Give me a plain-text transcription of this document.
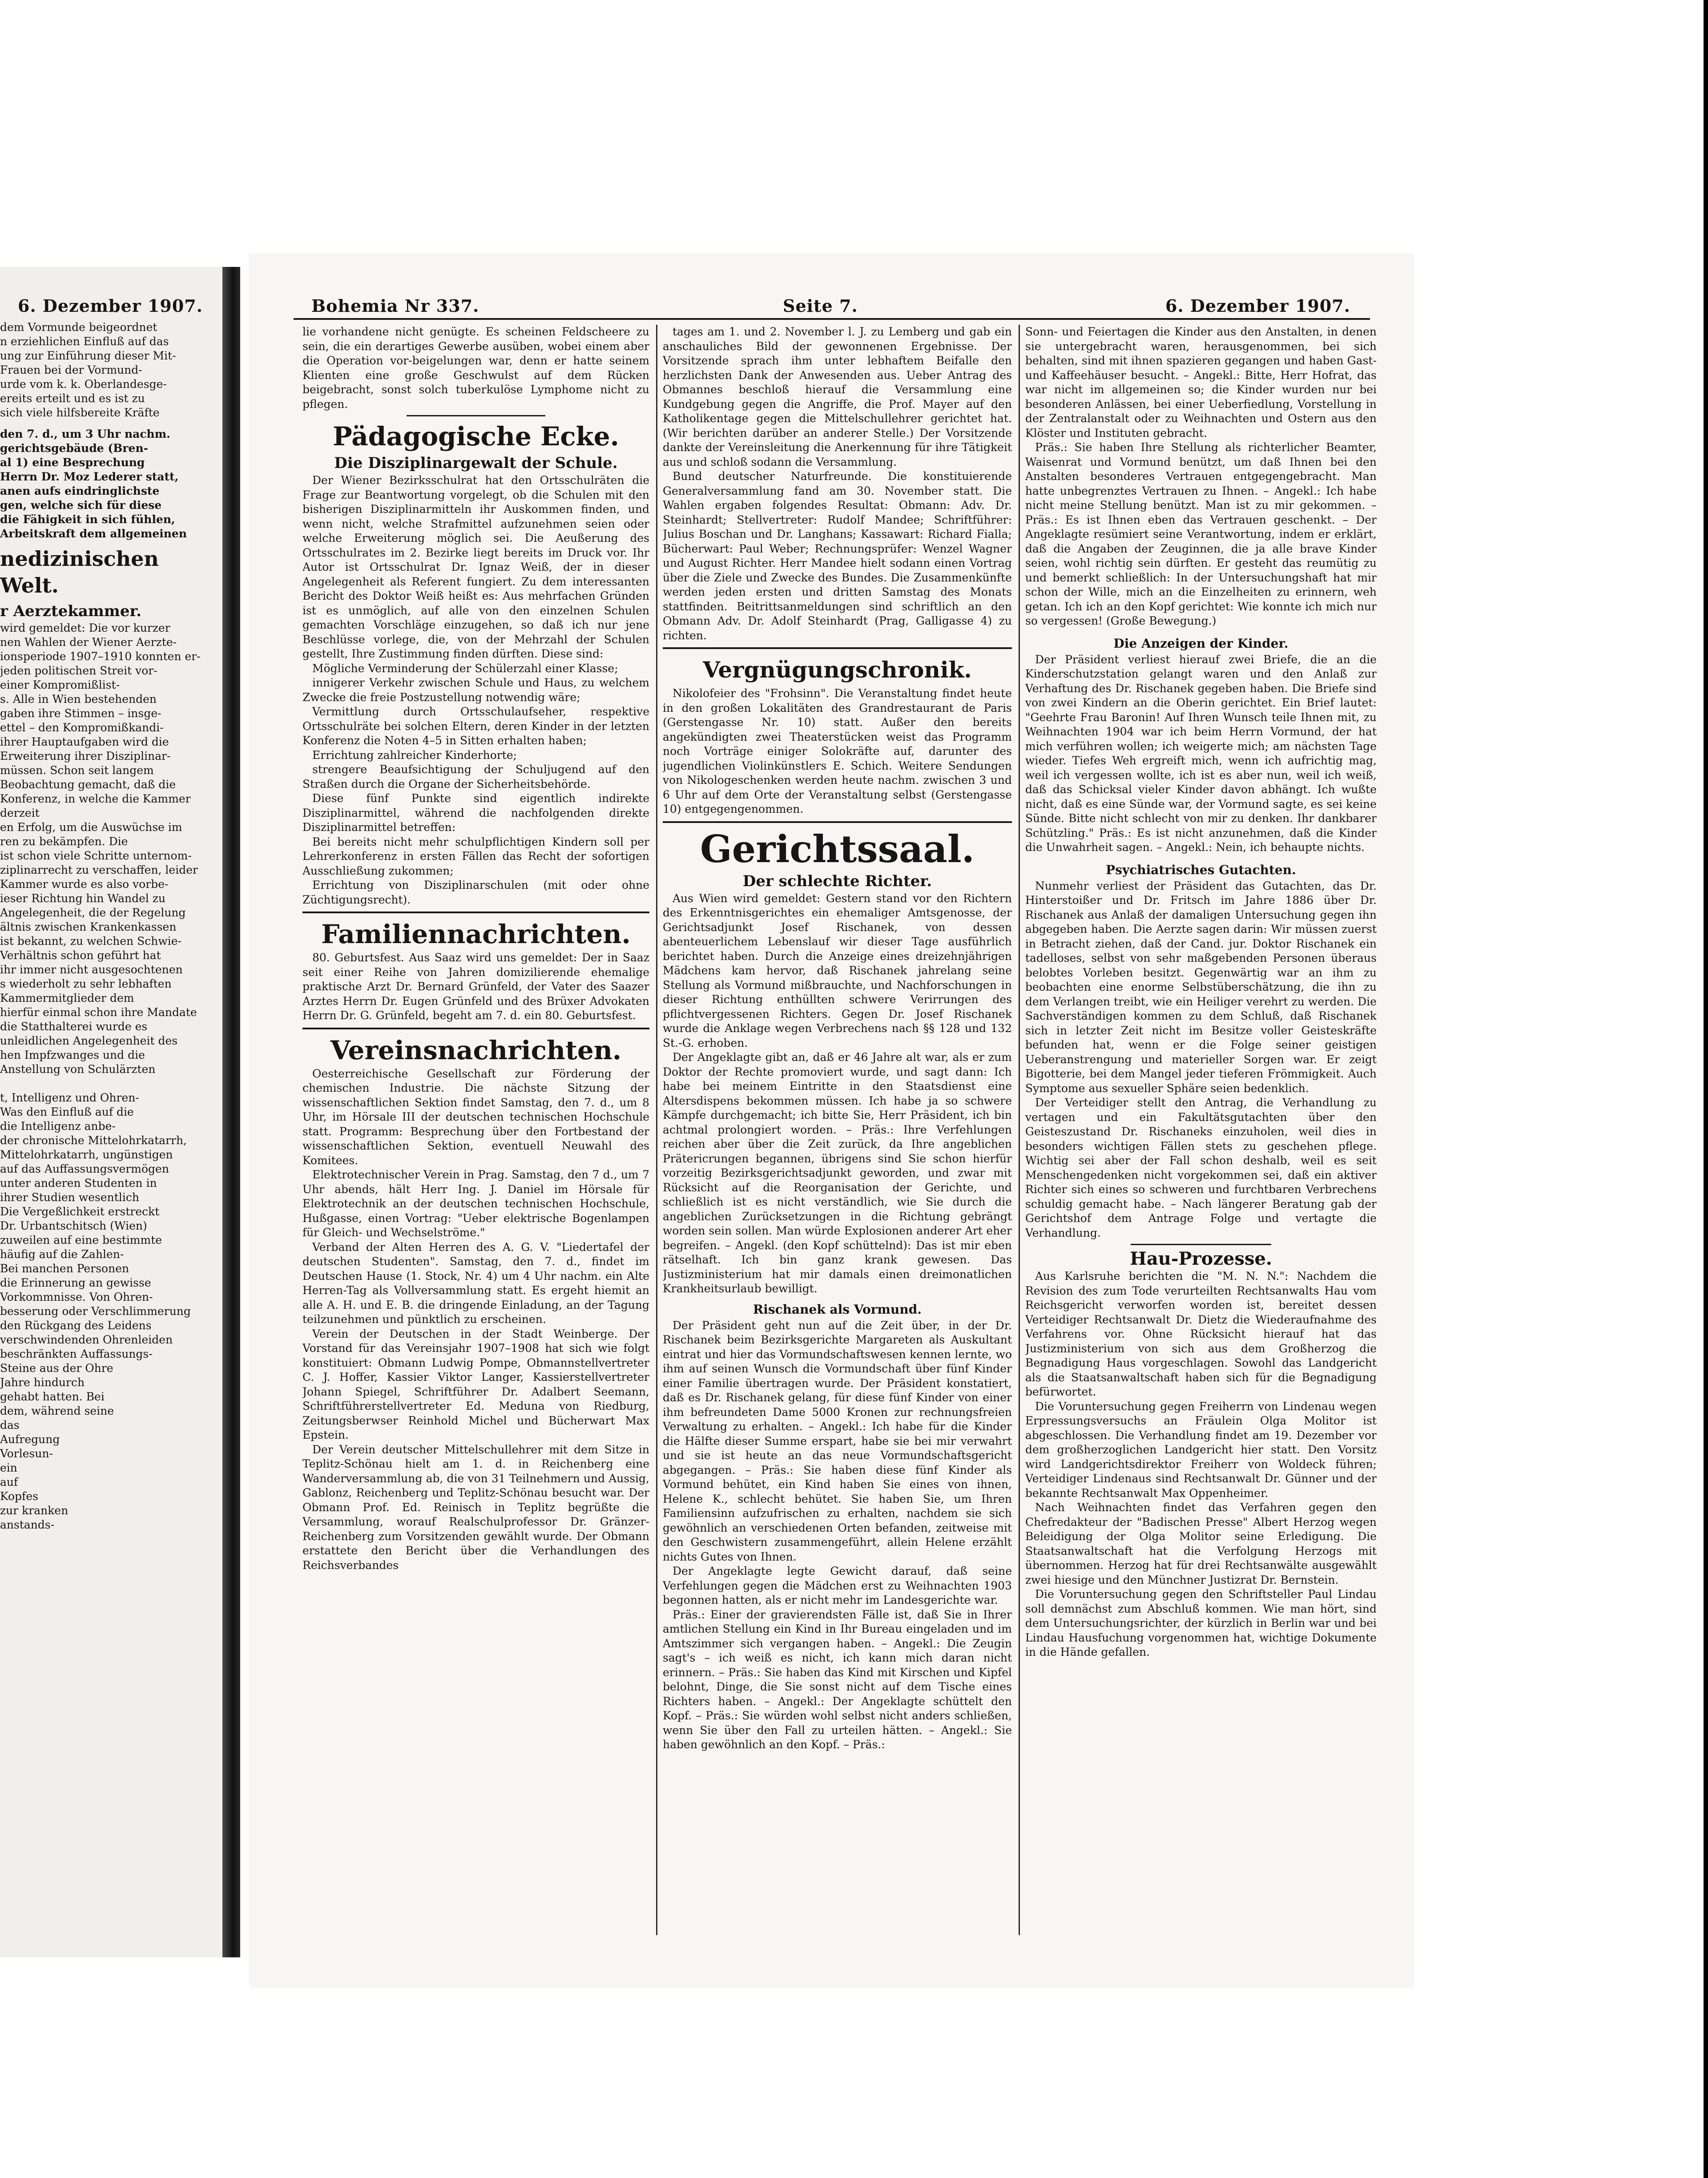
6. Dezember 1907.	Bohemia Nr 337.	Seite 7.	6. Dezember 1907.
dem Vormunde beigeordnet
n erziehlichen Einfluß auf das
ung zur Einführung dieser Mit-
Frauen bei der Vormund-
urde vom k. k. Oberlandesge-
ereits erteilt und es ist zu
sich viele hilfsbereite Kräfte
den 7. d., um 3 Uhr nachm.
gerichtsgebäude (Bren-
al 1) eine Besprechung
Herrn Dr. Moz Lederer statt,
anen aufs eindringlichste
gen, welche sich für diese
die Fähigkeit in sich fühlen,
Arbeitskraft dem allgemeinen
nedizinischen Welt.
r Aerztekammer.
wird gemeldet: Die vor kurzer
nen Wahlen der Wiener Aerzte-
ionsperiode 1907–1910 konnten er-
jeden politischen Streit vor-
einer Kompromißlist-
s. Alle in Wien bestehenden
gaben ihre Stimmen – insge-
ettel – den Kompromißkandi-
ihrer Hauptaufgaben wird die
Erweiterung ihrer Disziplinar-
müssen. Schon seit langem
Beobachtung gemacht, daß die
Konferenz, in welche die Kammer derzeit
en Erfolg, um die Auswüchse im
ren zu bekämpfen. Die
ist schon viele Schritte unternom-
ziplinarrecht zu verschaffen, leider
Kammer wurde es also vorbe-
ieser Richtung hin Wandel zu
Angelegenheit, die der Regelung
ältnis zwischen Krankenkassen
ist bekannt, zu welchen Schwie-
Verhältnis schon geführt hat
ihr immer nicht ausgesochtenen
s wiederholt zu sehr lebhaften
Kammermitglieder dem
hierfür einmal schon ihre Mandate
die Statthalterei wurde es
unleidlichen Angelegenheit des
hen Impfzwanges und die
Anstellung von Schulärzten

t, Intelligenz und Ohren-
Was den Einfluß auf die
die Intelligenz anbe-
der chronische Mittelohrkatarrh,
Mittelohrkatarrh, ungünstigen
auf das Auffassungsvermögen
unter anderen Studenten in
ihrer Studien wesentlich
Die Vergeßlichkeit erstreckt
Dr. Urbantschitsch (Wien)
zuweilen auf eine bestimmte
häufig auf die Zahlen-
Bei manchen Personen
die Erinnerung an gewisse
Vorkommnisse. Von Ohren-
besserung oder Verschlimmerung
den Rückgang des Leidens
verschwindenden Ohrenleiden
beschränkten Auffassungs-
Steine aus der Ohre
Jahre hindurch
gehabt hatten. Bei
dem, während seine
das
Aufregung
Vorlesun-
ein
auf
Kopfes
zur kranken
anstands-

lie vorhandene nicht genügte. Es scheinen Feldscheere zu sein, die ein derartiges Gewerbe ausüben, wobei einem aber die Operation vor-beigelungen war, denn er hatte seinem Klienten eine große Geschwulst auf dem Rücken beigebracht, sonst solch tuberkulöse Lymphome nicht zu pflegen.

Pädagogische Ecke.
Die Disziplinargewalt der Schule.

Der Wiener Bezirksschulrat hat den Ortsschulräten die Frage zur Beantwortung vorgelegt, ob die Schulen mit den bisherigen Disziplinarmitteln ihr Auskommen finden, und wenn nicht, welche Strafmittel aufzunehmen seien oder welche Erweiterung möglich sei. Die Aeußerung des Ortsschulrates im 2. Bezirke liegt bereits im Druck vor. Ihr Autor ist Ortsschulrat Dr. Ignaz Weiß, der in dieser Angelegenheit als Referent fungiert. Zu dem interessanten Bericht des Doktor Weiß heißt es: Aus mehrfachen Gründen ist es unmöglich, auf alle von den einzelnen Schulen gemachten Vorschläge einzugehen, so daß ich nur jene Beschlüsse vorlege, die, von der Mehrzahl der Schulen gestellt, Ihre Zustimmung finden dürften. Diese sind:

Mögliche Verminderung der Schülerzahl einer Klasse;

innigerer Verkehr zwischen Schule und Haus, zu welchem Zwecke die freie Postzustellung notwendig wäre;

Vermittlung durch Ortsschulaufseher, respektive Ortsschulräte bei solchen Eltern, deren Kinder in der letzten Konferenz die Noten 4–5 in Sitten erhalten haben;

Errichtung zahlreicher Kinderhorte;

strengere Beaufsichtigung der Schuljugend auf den Straßen durch die Organe der Sicherheitsbehörde.

Diese fünf Punkte sind eigentlich indirekte Disziplinarmittel, während die nachfolgenden direkte Disziplinarmittel betreffen:

Bei bereits nicht mehr schulpflichtigen Kindern soll per Lehrerkonferenz in ersten Fällen das Recht der sofortigen Ausschließung zukommen;

Errichtung von Disziplinarschulen (mit oder ohne Züchtigungsrecht).

Familiennachrichten.

80. Geburtsfest. Aus Saaz wird uns gemeldet: Der in Saaz seit einer Reihe von Jahren domizilierende ehemalige praktische Arzt Dr. Bernard Grünfeld, der Vater des Saazer Arztes Herrn Dr. Eugen Grünfeld und des Brüxer Advokaten Herrn Dr. G. Grünfeld, begeht am 7. d. ein 80. Geburtsfest.

Vereinsnachrichten.

Oesterreichische Gesellschaft zur Förderung der chemischen Industrie. Die nächste Sitzung der wissenschaftlichen Sektion findet Samstag, den 7. d., um 8 Uhr, im Hörsale III der deutschen technischen Hochschule statt. Programm: Besprechung über den Fortbestand der wissenschaftlichen Sektion, eventuell Neuwahl des Komitees.

Elektrotechnischer Verein in Prag. Samstag, den 7 d., um 7 Uhr abends, hält Herr Ing. J. Daniel im Hörsale für Elektrotechnik an der deutschen technischen Hochschule, Hußgasse, einen Vortrag: "Ueber elektrische Bogenlampen für Gleich- und Wechselströme."

Verband der Alten Herren des A. G. V. "Liedertafel der deutschen Studenten". Samstag, den 7. d., findet im Deutschen Hause (1. Stock, Nr. 4) um 4 Uhr nachm. ein Alte Herren-Tag als Vollversammlung statt. Es ergeht hiemit an alle A. H. und E. B. die dringende Einladung, an der Tagung teilzunehmen und pünktlich zu erscheinen.

Verein der Deutschen in der Stadt Weinberge. Der Vorstand für das Vereinsjahr 1907–1908 hat sich wie folgt konstituiert: Obmann Ludwig Pompe, Obmannstellvertreter C. J. Hoffer, Kassier Viktor Langer, Kassierstellvertreter Johann Spiegel, Schriftführer Dr. Adalbert Seemann, Schriftführerstellvertreter Ed. Meduna von Riedburg, Zeitungsberwser Reinhold Michel und Bücherwart Max Epstein.

Der Verein deutscher Mittelschullehrer mit dem Sitze in Teplitz-Schönau hielt am 1. d. in Reichenberg eine Wanderversammlung ab, die von 31 Teilnehmern und Aussig, Gablonz, Reichenberg und Teplitz-Schönau besucht war. Der Obmann Prof. Ed. Reinisch in Teplitz begrüßte die Versammlung, worauf Realschulprofessor Dr. Gränzer-Reichenberg zum Vorsitzenden gewählt wurde. Der Obmann erstattete den Bericht über die Verhandlungen des Reichsverbandes

tages am 1. und 2. November l. J. zu Lemberg und gab ein anschauliches Bild der gewonnenen Ergebnisse. Der Vorsitzende sprach ihm unter lebhaftem Beifalle den herzlichsten Dank der Anwesenden aus. Ueber Antrag des Obmannes beschloß hierauf die Versammlung eine Kundgebung gegen die Angriffe, die Prof. Mayer auf den Katholikentage gegen die Mittelschullehrer gerichtet hat. (Wir berichten darüber an anderer Stelle.) Der Vorsitzende dankte der Vereinsleitung die Anerkennung für ihre Tätigkeit aus und schloß sodann die Versammlung.

Bund deutscher Naturfreunde. Die konstituierende Generalversammlung fand am 30. November statt. Die Wahlen ergaben folgendes Resultat: Obmann: Adv. Dr. Steinhardt; Stellvertreter: Rudolf Mandee; Schriftführer: Julius Boschan und Dr. Langhans; Kassawart: Richard Fialla; Bücherwart: Paul Weber; Rechnungsprüfer: Wenzel Wagner und August Richter. Herr Mandee hielt sodann einen Vortrag über die Ziele und Zwecke des Bundes. Die Zusammenkünfte werden jeden ersten und dritten Samstag des Monats stattfinden. Beitrittsanmeldungen sind schriftlich an den Obmann Adv. Dr. Adolf Steinhardt (Prag, Galligasse 4) zu richten.

Vergnügungschronik.

Nikolofeier des "Frohsinn". Die Veranstaltung findet heute in den großen Lokalitäten des Grandrestaurant de Paris (Gerstengasse Nr. 10) statt. Außer den bereits angekündigten zwei Theaterstücken weist das Programm noch Vorträge einiger Solokräfte auf, darunter des jugendlichen Violinkünstlers E. Schich. Weitere Sendungen von Nikologeschenken werden heute nachm. zwischen 3 und 6 Uhr auf dem Orte der Veranstaltung selbst (Gerstengasse 10) entgegengenommen.

Gerichtssaal.
Der schlechte Richter.

Aus Wien wird gemeldet: Gestern stand vor den Richtern des Erkenntnisgerichtes ein ehemaliger Amtsgenosse, der Gerichtsadjunkt Josef Rischanek, von dessen abenteuerlichem Lebenslauf wir dieser Tage ausführlich berichtet haben. Durch die Anzeige eines dreizehnjährigen Mädchens kam hervor, daß Rischanek jahrelang seine Stellung als Vormund mißbrauchte, und Nachforschungen in dieser Richtung enthüllten schwere Verirrungen des pflichtvergessenen Richters. Gegen Dr. Josef Rischanek wurde die Anklage wegen Verbrechens nach §§ 128 und 132 St.-G. erhoben.

Der Angeklagte gibt an, daß er 46 Jahre alt war, als er zum Doktor der Rechte promoviert wurde, und sagt dann: Ich habe bei meinem Eintritte in den Staatsdienst eine Altersdispens bekommen müssen. Ich habe ja so schwere Kämpfe durchgemacht; ich bitte Sie, Herr Präsident, ich bin achtmal prolongiert worden. – Präs.: Ihre Verfehlungen reichen aber über die Zeit zurück, da Ihre angeblichen Prätericrungen begannen, übrigens sind Sie schon hierfür vorzeitig Bezirksgerichtsadjunkt geworden, und zwar mit Rücksicht auf die Reorganisation der Gerichte, und schließlich ist es nicht verständlich, wie Sie durch die angeblichen Zurücksetzungen in die Richtung gebrängt worden sein sollen. Man würde Explosionen anderer Art eher begreifen. – Angekl. (den Kopf schüttelnd): Das ist mir eben rätselhaft. Ich bin ganz krank gewesen. Das Justizministerium hat mir damals einen dreimonatlichen Krankheitsurlaub bewilligt.

Rischanek als Vormund.

Der Präsident geht nun auf die Zeit über, in der Dr. Rischanek beim Bezirksgerichte Margareten als Auskultant eintrat und hier das Vormundschaftswesen kennen lernte, wo ihm auf seinen Wunsch die Vormundschaft über fünf Kinder einer Familie übertragen wurde. Der Präsident konstatiert, daß es Dr. Rischanek gelang, für diese fünf Kinder von einer ihm befreundeten Dame 5000 Kronen zur rechnungsfreien Verwaltung zu erhalten. – Angekl.: Ich habe für die Kinder die Hälfte dieser Summe erspart, habe sie bei mir verwahrt und sie ist heute an das neue Vormundschaftsgericht abgegangen. – Präs.: Sie haben diese fünf Kinder als Vormund behütet, ein Kind haben Sie eines von ihnen, Helene K., schlecht behütet. Sie haben Sie, um Ihren Familiensinn aufzufrischen zu erhalten, nachdem sie sich gewöhnlich an verschiedenen Orten befanden, zeitweise mit den Geschwistern zusammengeführt, allein Helene erzählt nichts Gutes von Ihnen.

Der Angeklagte legte Gewicht darauf, daß seine Verfehlungen gegen die Mädchen erst zu Weihnachten 1903 begonnen hatten, als er nicht mehr im Landesgerichte war.

Präs.: Einer der gravierendsten Fälle ist, daß Sie in Ihrer amtlichen Stellung ein Kind in Ihr Bureau eingeladen und im Amtszimmer sich vergangen haben. – Angekl.: Die Zeugin sagt's – ich weiß es nicht, ich kann mich daran nicht erinnern. – Präs.: Sie haben das Kind mit Kirschen und Kipfel belohnt, Dinge, die Sie sonst nicht auf dem Tische eines Richters haben. – Angekl.: Der Angeklagte schüttelt den Kopf. – Präs.: Sie würden wohl selbst nicht anders schließen, wenn Sie über den Fall zu urteilen hätten. – Angekl.: Sie haben gewöhnlich an den Kopf. – Präs.:

Sonn- und Feiertagen die Kinder aus den Anstalten, in denen sie untergebracht waren, herausgenommen, bei sich behalten, sind mit ihnen spazieren gegangen und haben Gast- und Kaffeehäuser besucht. – Angekl.: Bitte, Herr Hofrat, das war nicht im allgemeinen so; die Kinder wurden nur bei besonderen Anlässen, bei einer Ueberfiedlung, Vorstellung in der Zentralanstalt oder zu Weihnachten und Ostern aus den Klöster und Instituten gebracht.

Präs.: Sie haben Ihre Stellung als richterlicher Beamter, Waisenrat und Vormund benützt, um daß Ihnen bei den Anstalten besonderes Vertrauen entgegengebracht. Man hatte unbegrenztes Vertrauen zu Ihnen. – Angekl.: Ich habe nicht meine Stellung benützt. Man ist zu mir gekommen. – Präs.: Es ist Ihnen eben das Vertrauen geschenkt. – Der Angeklagte resümiert seine Verantwortung, indem er erklärt, daß die Angaben der Zeuginnen, die ja alle brave Kinder seien, wohl richtig sein dürften. Er gesteht das reumütig zu und bemerkt schließlich: In der Untersuchungshaft hat mir schon der Wille, mich an die Einzelheiten zu erinnern, weh getan. Ich ich an den Kopf gerichtet: Wie konnte ich mich nur so vergessen! (Große Bewegung.)

Die Anzeigen der Kinder.

Der Präsident verliest hierauf zwei Briefe, die an die Kinderschutzstation gelangt waren und den Anlaß zur Verhaftung des Dr. Rischanek gegeben haben. Die Briefe sind von zwei Kindern an die Oberin gerichtet. Ein Brief lautet: "Geehrte Frau Baronin! Auf Ihren Wunsch teile Ihnen mit, zu Weihnachten 1904 war ich beim Herrn Vormund, der hat mich verführen wollen; ich weigerte mich; am nächsten Tage wieder. Tiefes Weh ergreift mich, wenn ich aufrichtig mag, weil ich vergessen wollte, ich ist es aber nun, weil ich weiß, daß das Schicksal vieler Kinder davon abhängt. Ich wußte nicht, daß es eine Sünde war, der Vormund sagte, es sei keine Sünde. Bitte nicht schlecht von mir zu denken. Ihr dankbarer Schützling." Präs.: Es ist nicht anzunehmen, daß die Kinder die Unwahrheit sagen. – Angekl.: Nein, ich behaupte nichts.

Psychiatrisches Gutachten.

Nunmehr verliest der Präsident das Gutachten, das Dr. Hinterstoißer und Dr. Fritsch im Jahre 1886 über Dr. Rischanek aus Anlaß der damaligen Untersuchung gegen ihn abgegeben haben. Die Aerzte sagen darin: Wir müssen zuerst in Betracht ziehen, daß der Cand. jur. Doktor Rischanek ein tadelloses, selbst von sehr maßgebenden Personen überaus belobtes Vorleben besitzt. Gegenwärtig war an ihm zu beobachten eine enorme Selbstüberschätzung, die ihn zu dem Verlangen treibt, wie ein Heiliger verehrt zu werden. Die Sachverständigen kommen zu dem Schluß, daß Rischanek sich in letzter Zeit nicht im Besitze voller Geisteskräfte befunden hat, wenn er die Folge seiner geistigen Ueberanstrengung und materieller Sorgen war. Er zeigt Bigotterie, bei dem Mangel jeder tieferen Frömmigkeit. Auch Symptome aus sexueller Sphäre seien bedenklich.

Der Verteidiger stellt den Antrag, die Verhandlung zu vertagen und ein Fakultätsgutachten über den Geisteszustand Dr. Rischaneks einzuholen, weil dies in besonders wichtigen Fällen stets zu geschehen pflege. Wichtig sei aber der Fall schon deshalb, weil es seit Menschengedenken nicht vorgekommen sei, daß ein aktiver Richter sich eines so schweren und furchtbaren Verbrechens schuldig gemacht habe. – Nach längerer Beratung gab der Gerichtshof dem Antrage Folge und vertagte die Verhandlung.

Hau-Prozesse.

Aus Karlsruhe berichten die "M. N. N.": Nachdem die Revision des zum Tode verurteilten Rechtsanwalts Hau vom Reichsgericht verworfen worden ist, bereitet dessen Verteidiger Rechtsanwalt Dr. Dietz die Wiederaufnahme des Verfahrens vor. Ohne Rücksicht hierauf hat das Justizministerium von sich aus dem Großherzog die Begnadigung Haus vorgeschlagen. Sowohl das Landgericht als die Staatsanwaltschaft haben sich für die Begnadigung befürwortet.

Die Voruntersuchung gegen Freiherrn von Lindenau wegen Erpressungsversuchs an Fräulein Olga Molitor ist abgeschlossen. Die Verhandlung findet am 19. Dezember vor dem großherzoglichen Landgericht hier statt. Den Vorsitz wird Landgerichtsdirektor Freiherr von Woldeck führen; Verteidiger Lindenaus sind Rechtsanwalt Dr. Günner und der bekannte Rechtsanwalt Max Oppenheimer.

Nach Weihnachten findet das Verfahren gegen den Chefredakteur der "Badischen Presse" Albert Herzog wegen Beleidigung der Olga Molitor seine Erledigung. Die Staatsanwaltschaft hat die Verfolgung Herzogs mit übernommen. Herzog hat für drei Rechtsanwälte ausgewählt zwei hiesige und den Münchner Justizrat Dr. Bernstein.

Die Voruntersuchung gegen den Schriftsteller Paul Lindau soll demnächst zum Abschluß kommen. Wie man hört, sind dem Untersuchungsrichter, der kürzlich in Berlin war und bei Lindau Hausfuchung vorgenommen hat, wichtige Dokumente in die Hände gefallen.
